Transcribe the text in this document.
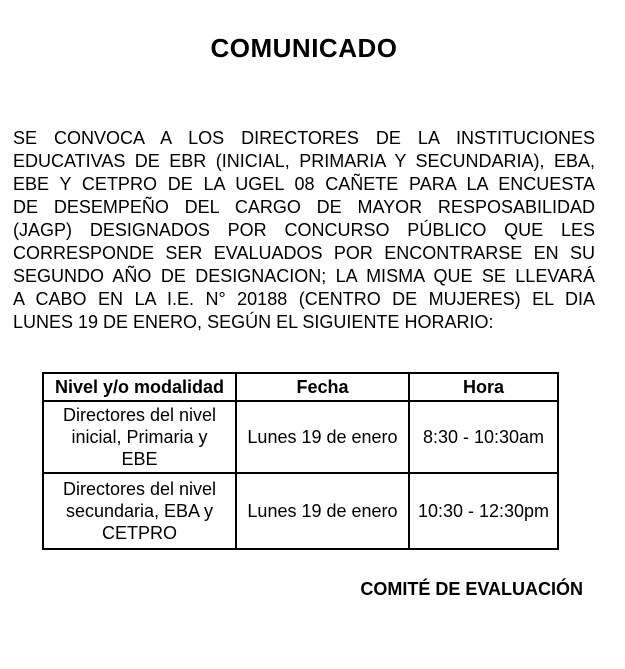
COMUNICADO
SE CONVOCA A LOS DIRECTORES DE LA INSTITUCIONES
EDUCATIVAS DE EBR (INICIAL, PRIMARIA Y SECUNDARIA), EBA,
EBE Y CETPRO DE LA UGEL 08 CAÑETE PARA LA ENCUESTA
DE DESEMPEÑO DEL CARGO DE MAYOR RESPOSABILIDAD
(JAGP) DESIGNADOS POR CONCURSO PÚBLICO QUE LES
CORRESPONDE SER EVALUADOS POR ENCONTRARSE EN SU
SEGUNDO AÑO DE DESIGNACION; LA MISMA QUE SE LLEVARÁ
A CABO EN LA I.E. N° 20188 (CENTRO DE MUJERES) EL DIA
LUNES 19 DE ENERO, SEGÚN EL SIGUIENTE HORARIO:
Nivel y/o modalidad	Fecha	Hora
Directores del nivel inicial, Primaria y EBE	Lunes 19 de enero	8:30 - 10:30am
Directores del nivel secundaria, EBA y CETPRO	Lunes 19 de enero	10:30 - 12:30pm
COMITÉ DE EVALUACIÓN
